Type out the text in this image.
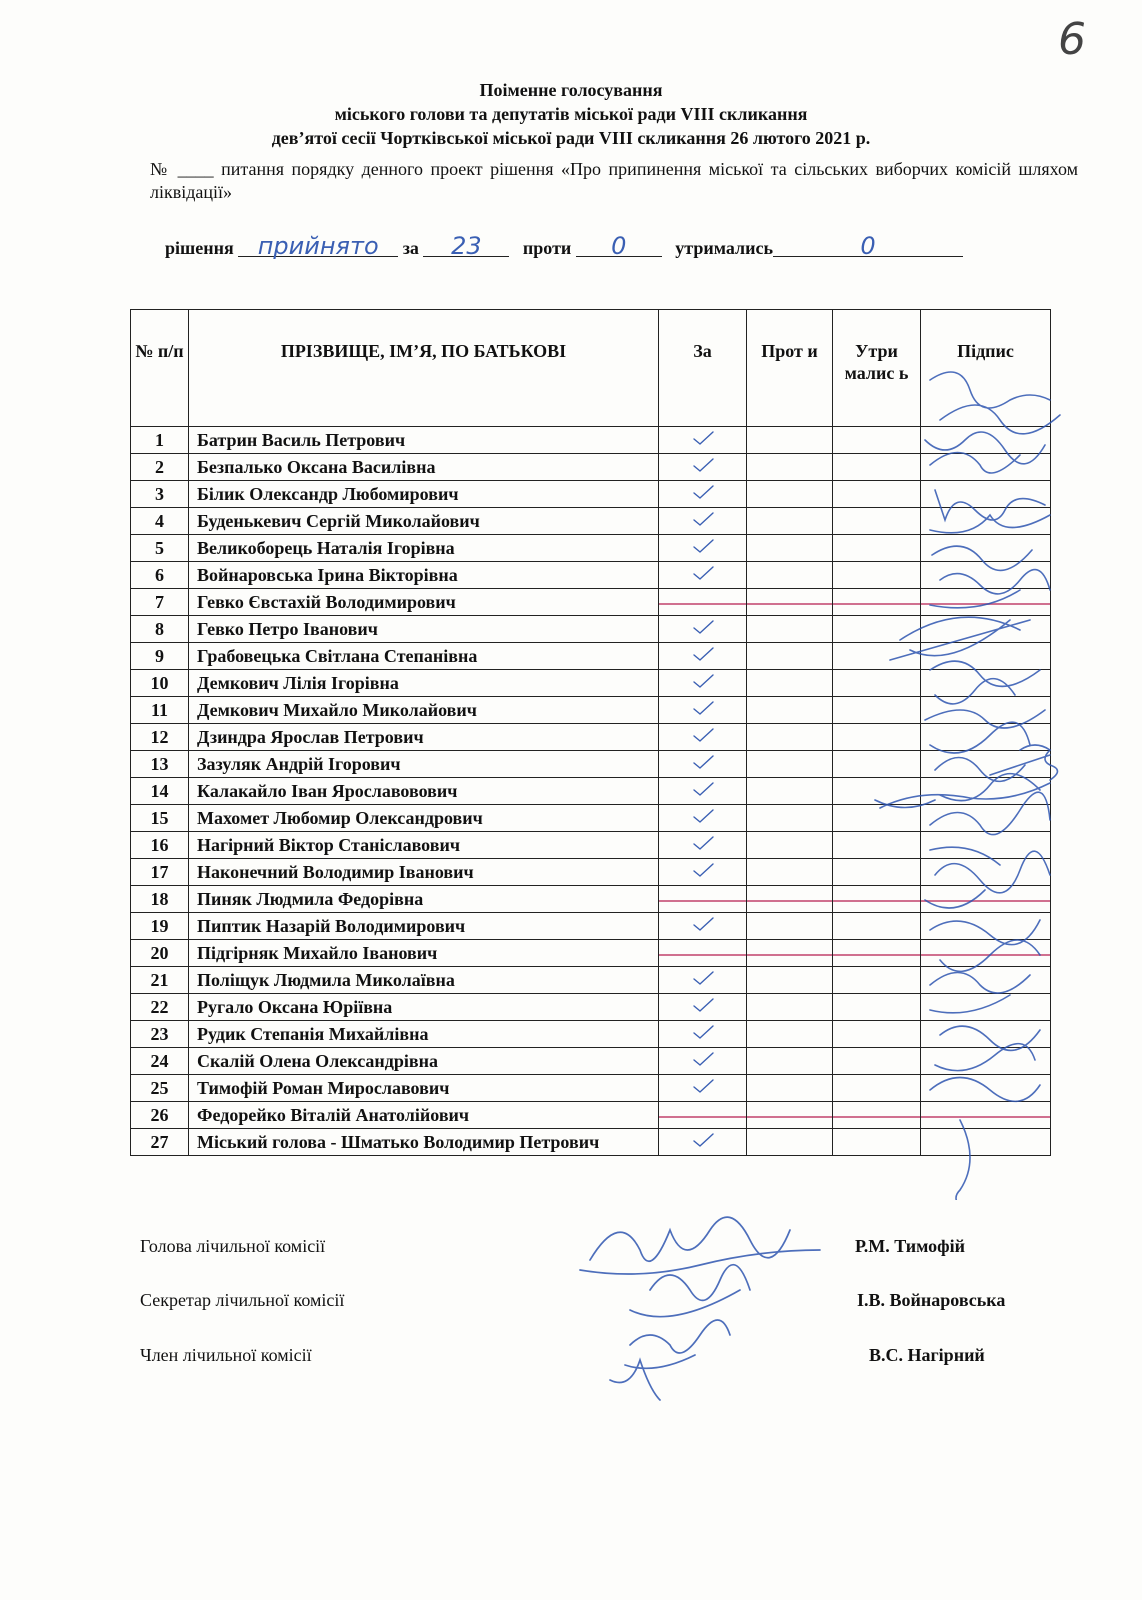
6
Поіменне голосування
міського голови та депутатів міської ради VIII скликання
дев’ятої сесії Чортківської міської ради VIII скликання 26 лютого 2021 р.
№ ____ питання порядку денного проект рішення «Про припинення міської та сільських виборчих комісій шляхом ліквідації»
рішення прийнято за 23 проти 0	утримались	0
№ п/п	ПРІЗВИЩЕ, ІМ’Я, ПО БАТЬКОВІ	За	Прот и	Утри малис ь	Підпис
1	Батрин Василь Петрович				
2	Безпалько Оксана Василівна				
3	Білик Олександр Любомирович				
4	Буденькевич Сергій Миколайович				
5	Великоборець Наталія Ігорівна				
6	Войнаровська Ірина Вікторівна				
7	Гевко Євстахій Володимирович	

8	Гевко Петро Іванович				
9	Грабовецька Світлана Степанівна				
10	Демкович Лілія Ігорівна				
11	Демкович Михайло Миколайович				
12	Дзиндра Ярослав Петрович				
13	Зазуляк Андрій Ігорович				
14	Калакайло Іван Ярославовович				
15	Махомет Любомир Олександрович				
16	Нагірний Віктор Станіславович				
17	Наконечний Володимир Іванович				
18	Пиняк Людмила Федорівна	

19	Пиптик Назарій Володимирович				
20	Підгірняк Михайло Іванович	

21	Поліщук Людмила Миколаївна				
22	Ругало Оксана Юріївна				
23	Рудик Степанія Михайлівна				
24	Скалій Олена Олександрівна				
25	Тимофій Роман Мирославович				
26	Федорейко Віталій Анатолійович	

27	Міський голова - Шматько Володимир Петрович				
Голова лічильної комісії	Р.М. Тимофій
Секретар лічильної комісії	І.В. Войнаровська
Член лічильної комісії	В.С. Нагірний
